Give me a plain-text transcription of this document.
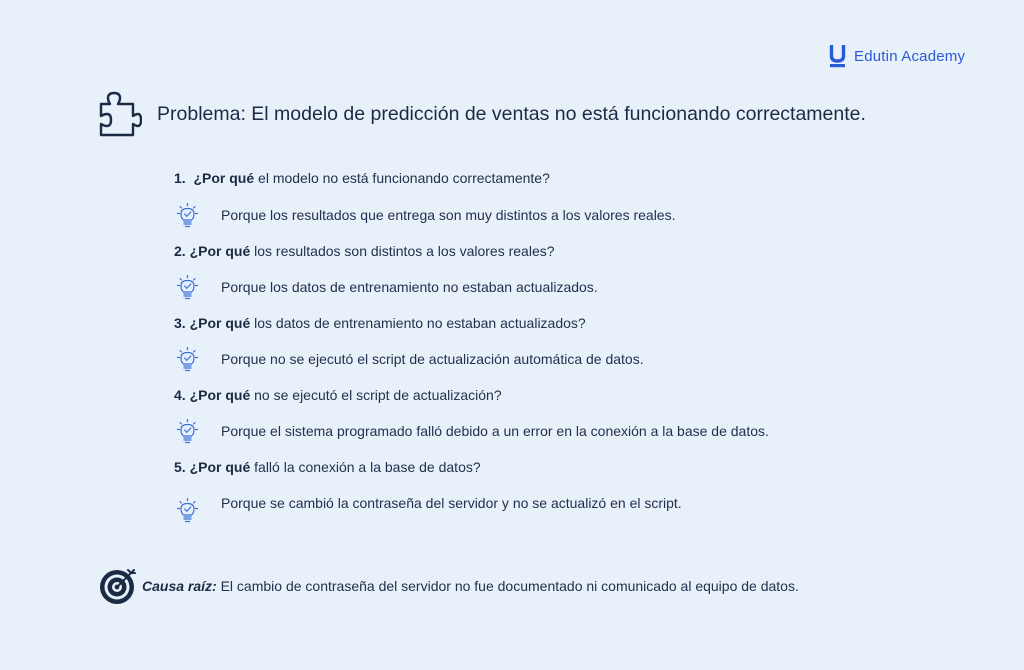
Edutin Academy
Problema: El modelo de predicción de ventas no está funcionando correctamente.
1. ¿Por qué el modelo no está funcionando correctamente?
Porque los resultados que entrega son muy distintos a los valores reales.
2. ¿Por qué los resultados son distintos a los valores reales?
Porque los datos de entrenamiento no estaban actualizados.
3. ¿Por qué los datos de entrenamiento no estaban actualizados?
Porque no se ejecutó el script de actualización automática de datos.
4. ¿Por qué no se ejecutó el script de actualización?
Porque el sistema programado falló debido a un error en la conexión a la base de datos.
5. ¿Por qué falló la conexión a la base de datos?
Porque se cambió la contraseña del servidor y no se actualizó en el script.
Causa raíz: El cambio de contraseña del servidor no fue documentado ni comunicado al equipo de datos.
